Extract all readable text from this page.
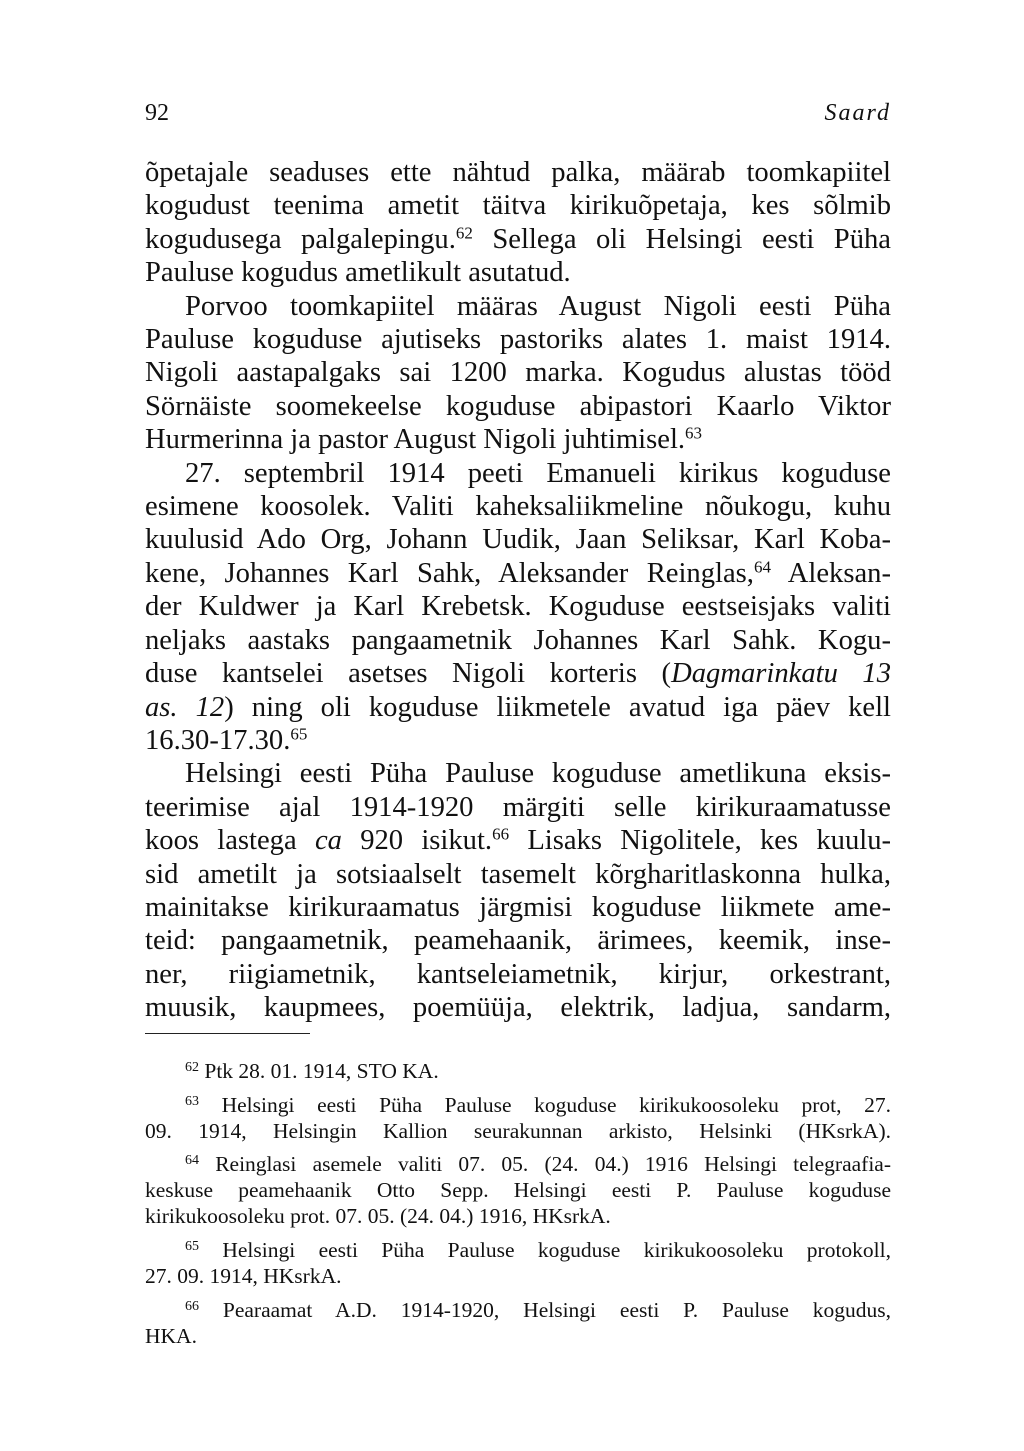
92	Saard
õpetajale seaduses ette nähtud palka, määrab toomkapiitel
kogudust teenima ametit täitva kirikuõpetaja, kes sõlmib
kogudusega palgalepingu.$^{62}$ Sellega oli Helsingi eesti Püha
Pauluse kogudus ametlikult asutatud.
Porvoo toomkapiitel määras August Nigoli eesti Püha
Pauluse koguduse ajutiseks pastoriks alates 1. maist 1914.
Nigoli aastapalgaks sai 1200 marka. Kogudus alustas tööd
Sörnäiste soomekeelse koguduse abipastori Kaarlo Viktor
Hurmerinna ja pastor August Nigoli juhtimisel.$^{63}$
27. septembril 1914 peeti Emanueli kirikus koguduse
esimene koosolek. Valiti kaheksaliikmeline nõukogu, kuhu
kuulusid Ado Org, Johann Uudik, Jaan Seliksar, Karl Koba-
kene, Johannes Karl Sahk, Aleksander Reinglas,$^{64}$ Aleksan-
der Kuldwer ja Karl Krebetsk. Koguduse eestseisjaks valiti
neljaks aastaks pangaametnik Johannes Karl Sahk. Kogu-
duse kantselei asetses Nigoli korteris (Dagmarinkatu 13
as. 12) ning oli koguduse liikmetele avatud iga päev kell
16.30-17.30.65
Helsingi eesti Püha Pauluse koguduse ametlikuna eksis-
teerimise ajal 1914-1920 märgiti selle kirikuraamatusse
koos lastega ca 920 isikut.$^{66}$ Lisaks Nigolitele, kes kuulu-
sid ametilt ja sotsiaalselt tasemelt kõrgharitlaskonna hulka,
mainitakse kirikuraamatus järgmisi koguduse liikmete ame-
teid: pangaametnik, peamehaanik, ärimees, keemik, inse-
ner, riigiametnik, kantseleiametnik, kirjur, orkestrant,
muusik, kaupmees, poemüüja, elektrik, ladjua, sandarm,
$^{62}$ Ptk 28. 01. 1914, STO KA.
$^{63}$ Helsingi eesti Püha Pauluse koguduse kirikukoosoleku prot, 27.
09. 1914, Helsingin Kallion seurakunnan arkisto, Helsinki (HKsrkA).
$^{64}$ Reinglasi asemele valiti 07. 05. (24. 04.) 1916 Helsingi telegraafia-
keskuse peamehaanik Otto Sepp. Helsingi eesti P. Pauluse koguduse
kirikukoosoleku prot. 07. 05. (24. 04.) 1916, HKsrkA.
$^{65}$ Helsingi eesti Püha Pauluse koguduse kirikukoosoleku protokoll,
27. 09. 1914, HKsrkA.
$^{66}$ Pearaamat A.D. 1914-1920, Helsingi eesti P. Pauluse kogudus,
HKA.
